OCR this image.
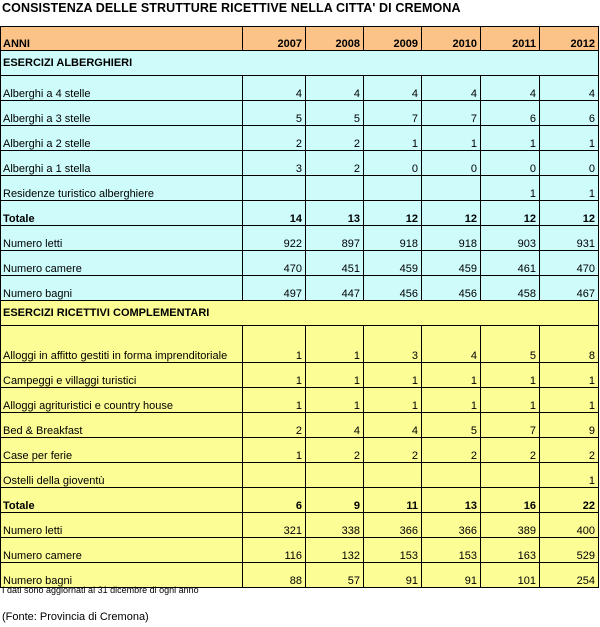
CONSISTENZA DELLE STRUTTURE RICETTIVE NELLA CITTA' DI CREMONA
ANNI	2007	2008	2009	2010	2011	2012
ESERCIZI ALBERGHIERI						
Alberghi a 4 stelle	4	4	4	4	4	4
Alberghi a 3 stelle	5	5	7	7	6	6
Alberghi a 2 stelle	2	2	1	1	1	1
Alberghi a 1 stella	3	2	0	0	0	0
Residenze turistico alberghiere					1	1
Totale	14	13	12	12	12	12
Numero letti	922	897	918	918	903	931
Numero camere	470	451	459	459	461	470
Numero bagni	497	447	456	456	458	467
ESERCIZI RICETTIVI COMPLEMENTARI						
Alloggi in affitto gestiti in forma imprenditoriale	1	1	3	4	5	8
Campeggi e villaggi turistici	1	1	1	1	1	1
Alloggi agrituristici e country house	1	1	1	1	1	1
Bed & Breakfast	2	4	4	5	7	9
Case per ferie	1	2	2	2	2	2
Ostelli della gioventù						1
Totale	6	9	11	13	16	22
Numero letti	321	338	366	366	389	400
Numero camere	116	132	153	153	163	529
Numero bagni	88	57	91	91	101	254
I dati sono aggiornati al 31 dicembre di ogni anno
(Fonte: Provincia di Cremona)
